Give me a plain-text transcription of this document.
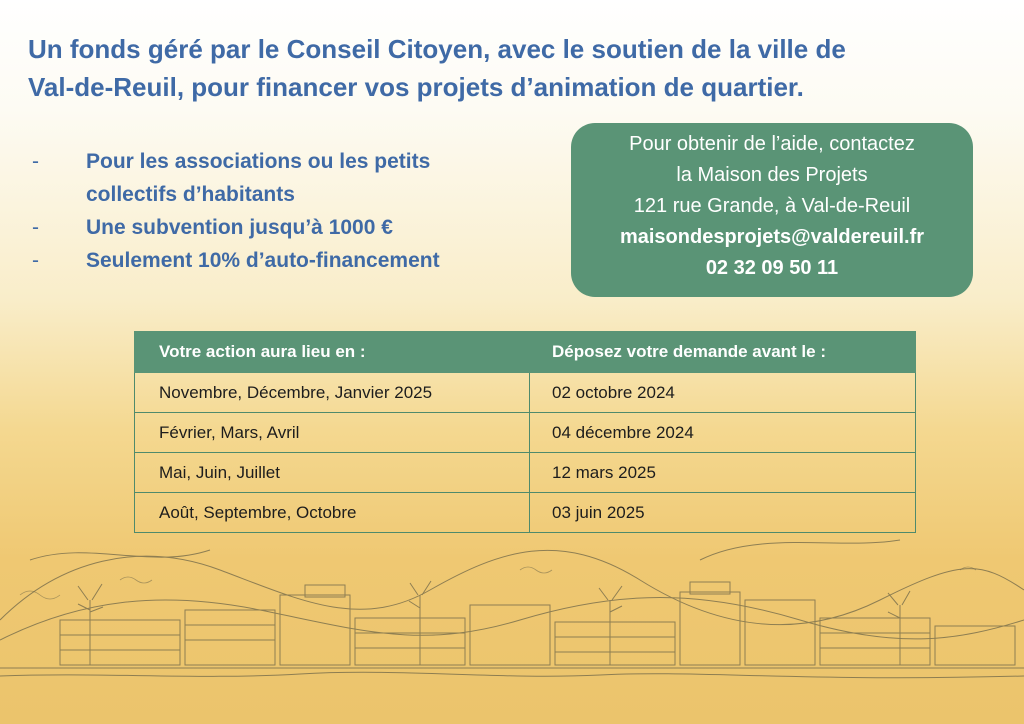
Un fonds géré par le Conseil Citoyen, avec le soutien de la ville de
Val-de-Reuil, pour financer vos projets d’animation de quartier.
- Pour les associations ou les petits
collectifs d’habitants
- Une subvention jusqu’à 1000 €
- Seulement 10% d’auto-financement
Pour obtenir de l’aide, contactez
la Maison des Projets
121 rue Grande, à Val-de-Reuil
maisondesprojets@valdereuil.fr
02 32 09 50 11
Votre action aura lieu en :	Déposez votre demande avant le :
Novembre, Décembre, Janvier 2025	02 octobre 2024
Février, Mars, Avril	04 décembre 2024
Mai, Juin, Juillet	12 mars 2025
Août, Septembre, Octobre	03 juin 2025
